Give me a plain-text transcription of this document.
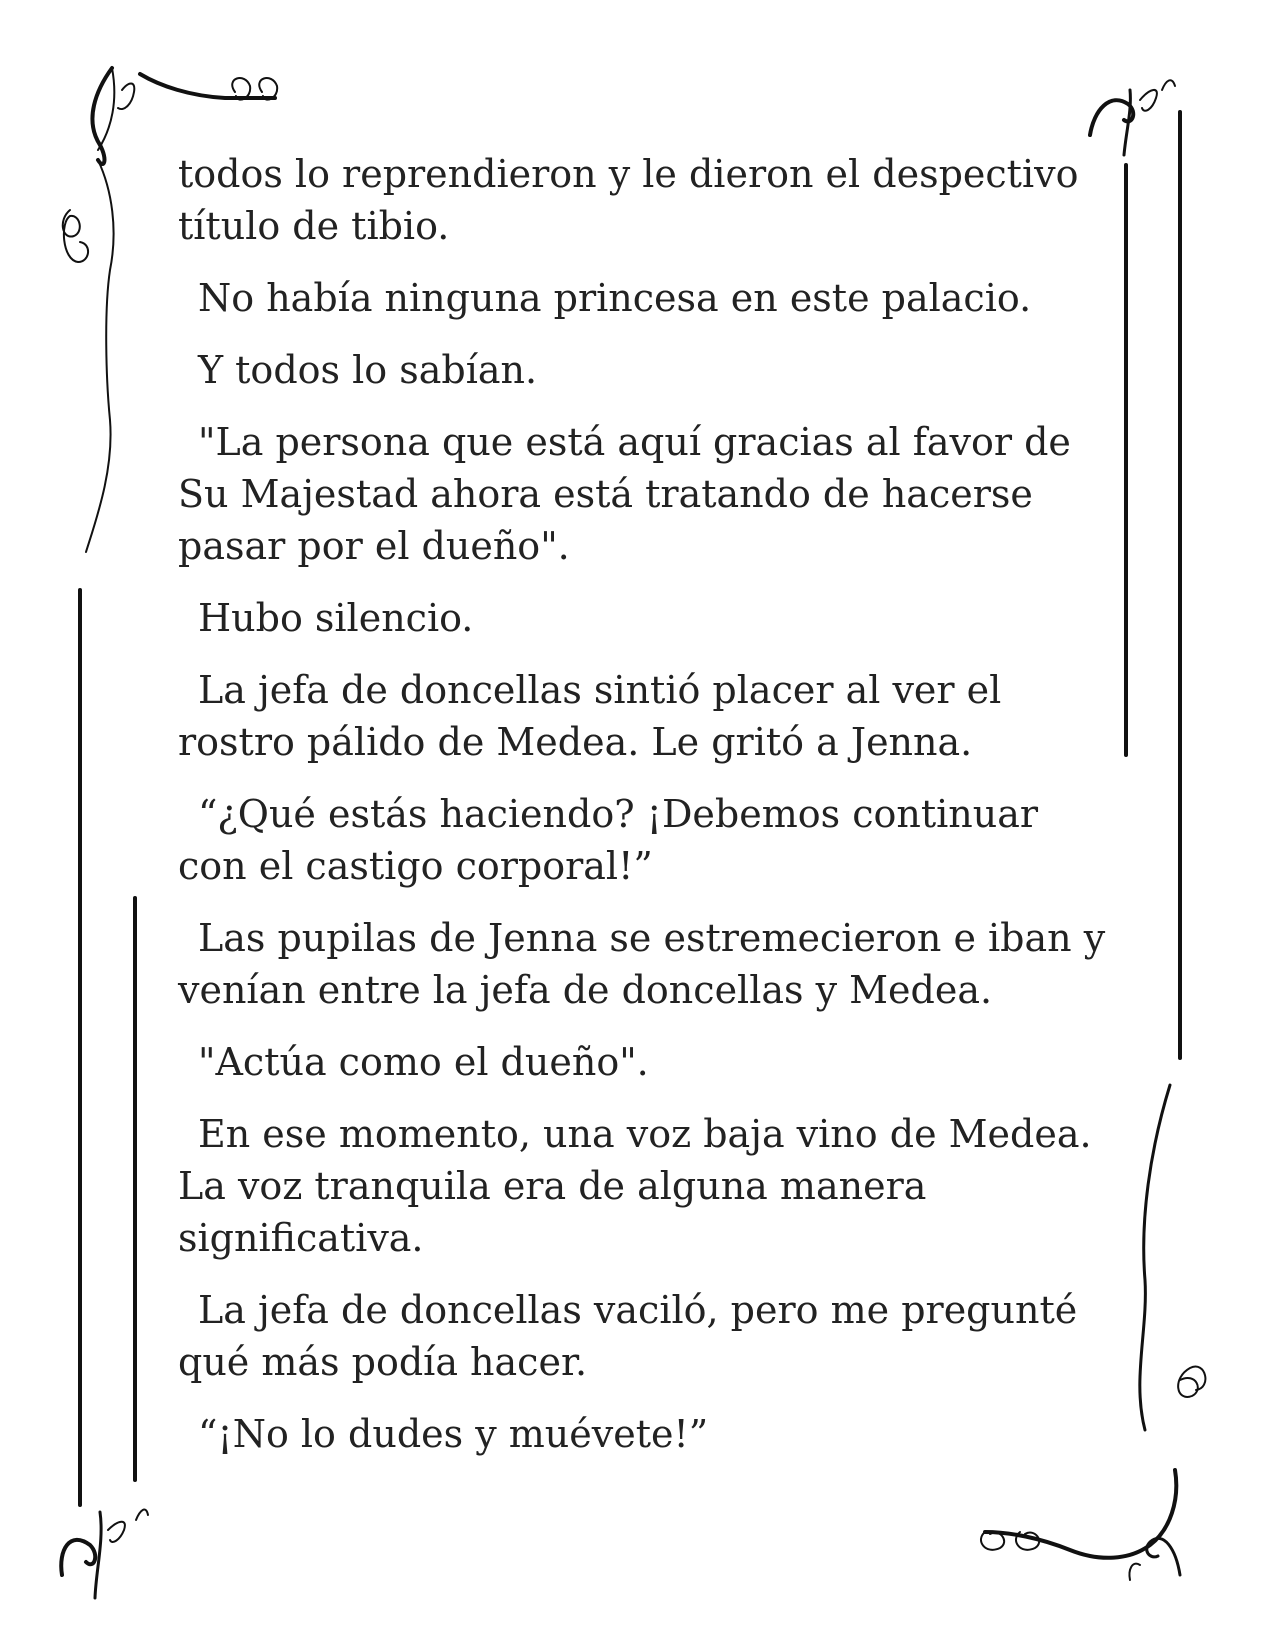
todos lo reprendieron y le dieron el despectivo título de tibio.

No había ninguna princesa en este palacio.

Y todos lo sabían.

"La persona que está aquí gracias al favor de Su Majestad ahora está tratando de hacerse pasar por el dueño".

Hubo silencio.

La jefa de doncellas sintió placer al ver el rostro pálido de Medea. Le gritó a Jenna.

“¿Qué estás haciendo? ¡Debemos continuar con el castigo corporal!”

Las pupilas de Jenna se estremecieron e iban y venían entre la jefa de doncellas y Medea.

"Actúa como el dueño".

En ese momento, una voz baja vino de Medea. La voz tranquila era de alguna manera significativa.

La jefa de doncellas vaciló, pero me pregunté qué más podía hacer.

“¡No lo dudes y muévete!”
